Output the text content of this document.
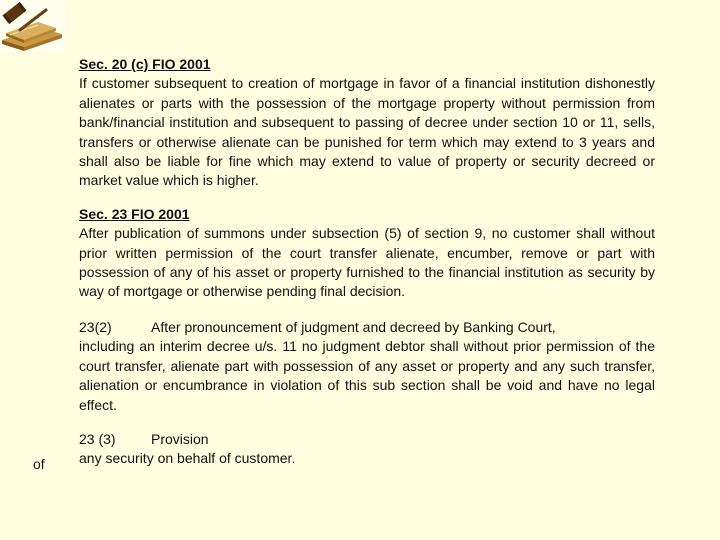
Sec. 20 (c) FIO 2001

If customer subsequent to creation of mortgage in favor of a financial institution dishonestly alienates or parts with the possession of the mortgage property without permission from bank/financial institution and subsequent to passing of decree under section 10 or 11, sells, transfers or otherwise alienate can be punished for term which may extend to 3 years and shall also be liable for fine which may extend to value of property or security decreed or market value which is higher.

Sec. 23 FIO 2001

After publication of summons under subsection (5) of section 9, no customer shall without prior written permission of the court transfer alienate, encumber, remove or part with possession of any of his asset or property furnished to the financial institution as security by way of mortgage or otherwise pending final decision.

23(2)	After pronouncement of judgment and decreed by Banking Court,

including an interim decree u/s. 11 no judgment debtor shall without prior permission of the court transfer, alienate part with possession of any asset or property and any such transfer, alienation or encumbrance in violation of this sub section shall be void and have no legal effect.

23 (3)	Provision

any security on behalf of customer.

of
